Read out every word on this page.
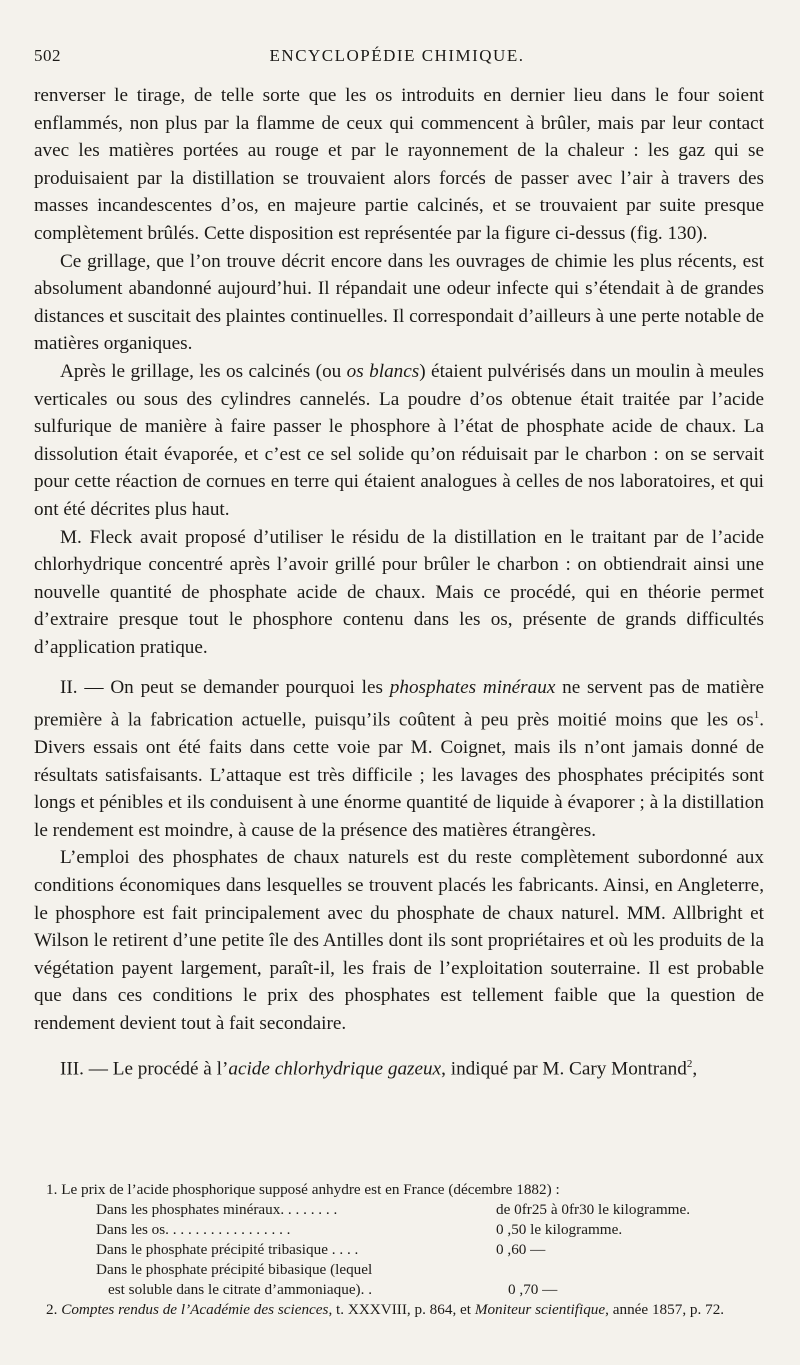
502	ENCYCLOPÉDIE CHIMIQUE.

renverser le tirage, de telle sorte que les os introduits en dernier lieu dans le four soient enflammés, non plus par la flamme de ceux qui commencent à brûler, mais par leur contact avec les matières portées au rouge et par le rayonnement de la chaleur : les gaz qui se produisaient par la distillation se trouvaient alors forcés de passer avec l’air à travers des masses incandescentes d’os, en majeure partie calcinés, et se trouvaient par suite presque complètement brûlés. Cette disposition est représentée par la figure ci-dessus (fig. 130).

Ce grillage, que l’on trouve décrit encore dans les ouvrages de chimie les plus récents, est absolument abandonné aujourd’hui. Il répandait une odeur infecte qui s’étendait à de grandes distances et suscitait des plaintes continuelles. Il correspondait d’ailleurs à une perte notable de matières organiques.

Après le grillage, les os calcinés (ou os blancs) étaient pulvérisés dans un moulin à meules verticales ou sous des cylindres cannelés. La poudre d’os obtenue était traitée par l’acide sulfurique de manière à faire passer le phosphore à l’état de phosphate acide de chaux. La dissolution était évaporée, et c’est ce sel solide qu’on réduisait par le charbon : on se servait pour cette réaction de cornues en terre qui étaient analogues à celles de nos laboratoires, et qui ont été décrites plus haut.

M. Fleck avait proposé d’utiliser le résidu de la distillation en le traitant par de l’acide chlorhydrique concentré après l’avoir grillé pour brûler le charbon : on obtiendrait ainsi une nouvelle quantité de phosphate acide de chaux. Mais ce procédé, qui en théorie permet d’extraire presque tout le phosphore contenu dans les os, présente de grands difficultés d’application pratique.

II. — On peut se demander pourquoi les phosphates minéraux ne servent pas de matière première à la fabrication actuelle, puisqu’ils coûtent à peu près moitié moins que les $os^1$. Divers essais ont été faits dans cette voie par M. Coignet, mais ils n’ont jamais donné de résultats satisfaisants. L’attaque est très difficile ; les lavages des phosphates précipités sont longs et pénibles et ils conduisent à une énorme quantité de liquide à évaporer ; à la distillation le rendement est moindre, à cause de la présence des matières étrangères.

L’emploi des phosphates de chaux naturels est du reste complètement subordonné aux conditions économiques dans lesquelles se trouvent placés les fabricants. Ainsi, en Angleterre, le phosphore est fait principalement avec du phosphate de chaux naturel. MM. Allbright et Wilson le retirent d’une petite île des Antilles dont ils sont propriétaires et où les produits de la végétation payent largement, paraît-il, les frais de l’exploitation souterraine. Il est probable que dans ces conditions le prix des phosphates est tellement faible que la question de rendement devient tout à fait secondaire.

III. — Le procédé à l’acide chlorhydrique gazeux, indiqué par M. Cary Montrand$^2$,

1. Le prix de l’acide phosphorique supposé anhydre est en France (décembre 1882) :

Dans les phosphates minéraux. . . . . . . .	de 0fr25 à 0fr30 le kilogramme.
Dans les os. . . . . . . . . . . . . . . . .	0 ,50 le kilogramme.
Dans le phosphate précipité tribasique . . . .	0 ,60 —
Dans le phosphate précipité bibasique (lequel
est soluble dans le citrate d’ammoniaque). .	0 ,70 —

2. Comptes rendus de l’Académie des sciences, t. XXXVIII, p. 864, et Moniteur scientifique, année 1857, p. 72.
